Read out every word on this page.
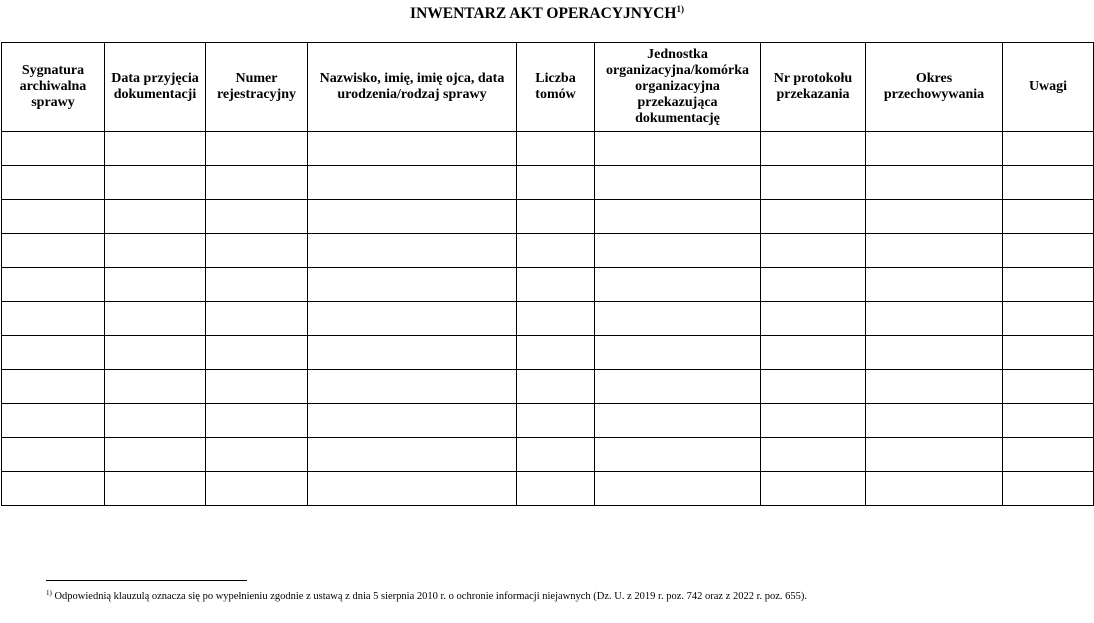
INWENTARZ AKT OPERACYJNYCH$^{1)}$
Sygnatura archiwalna sprawy	Data przyjęcia dokumentacji	Numer rejestracyjny	Nazwisko, imię, imię ojca, data urodzenia/rodzaj sprawy	Liczba tomów	Jednostka organizacyjna/komórka organizacyjna przekazująca dokumentację	Nr protokołu przekazania	Okres przechowywania	Uwagi

$^{1)}$ Odpowiednią klauzulą oznacza się po wypełnieniu zgodnie z ustawą z dnia 5 sierpnia 2010 r. o ochronie informacji niejawnych (Dz. U. z 2019 r. poz. 742 oraz z 2022 r. poz. 655).
